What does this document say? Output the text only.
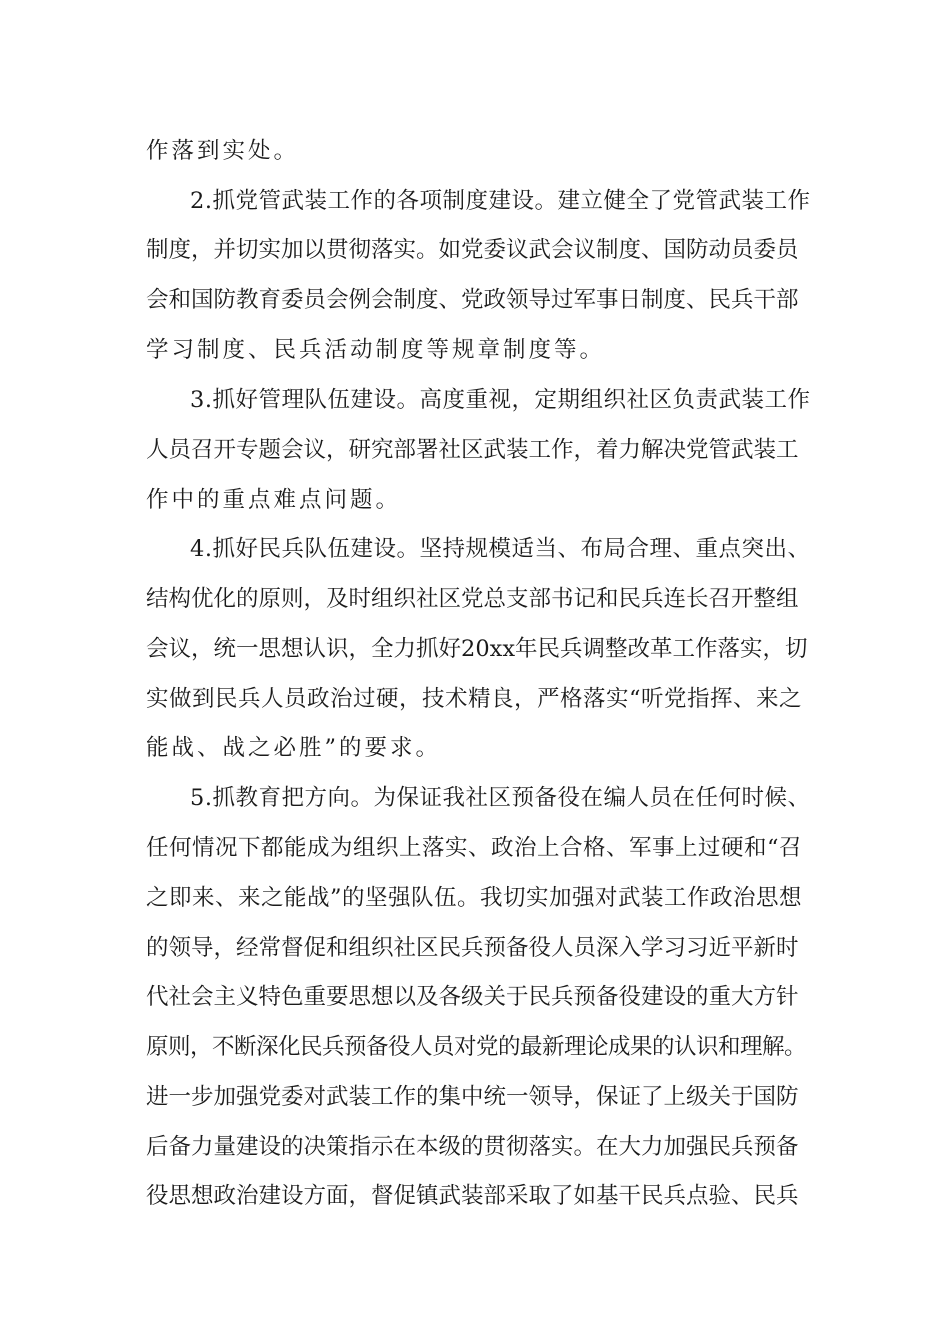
作落到实处。

2.抓党管武装工作的各项制度建设。建立健全了党管武装工作

制度，并切实加以贯彻落实。如党委议武会议制度、国防动员委员

会和国防教育委员会例会制度、党政领导过军事日制度、民兵干部

学习制度、民兵活动制度等规章制度等。

3.抓好管理队伍建设。高度重视，定期组织社区负责武装工作

人员召开专题会议，研究部署社区武装工作，着力解决党管武装工

作中的重点难点问题。

4.抓好民兵队伍建设。坚持规模适当、布局合理、重点突出、

结构优化的原则，及时组织社区党总支部书记和民兵连长召开整组

会议，统一思想认识，全力抓好20xx年民兵调整改革工作落实，切

实做到民兵人员政治过硬，技术精良，严格落实“听党指挥、来之

能战、战之必胜”的要求。

5.抓教育把方向。为保证我社区预备役在编人员在任何时候、

任何情况下都能成为组织上落实、政治上合格、军事上过硬和“召

之即来、来之能战”的坚强队伍。我切实加强对武装工作政治思想

的领导，经常督促和组织社区民兵预备役人员深入学习习近平新时

代社会主义特色重要思想以及各级关于民兵预备役建设的重大方针

原则，不断深化民兵预备役人员对党的最新理论成果的认识和理解。

进一步加强党委对武装工作的集中统一领导，保证了上级关于国防

后备力量建设的决策指示在本级的贯彻落实。在大力加强民兵预备

役思想政治建设方面，督促镇武装部采取了如基干民兵点验、民兵
